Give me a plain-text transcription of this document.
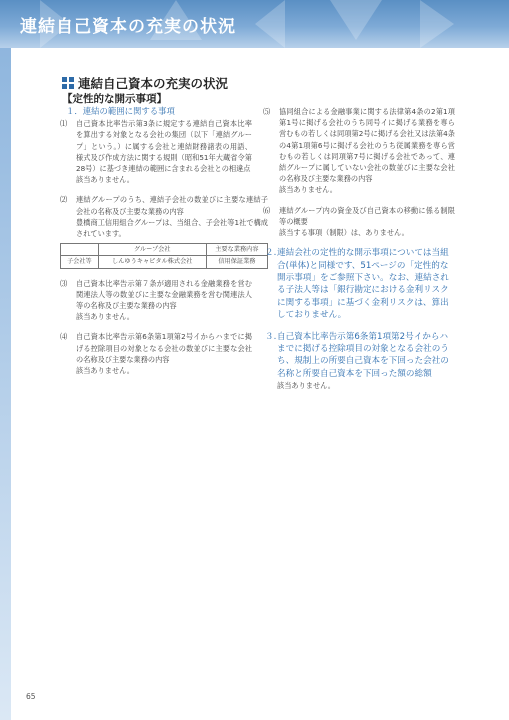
連結自己資本の充実の状況
連結自己資本の充実の状況
【定性的な開示事項】
１．連結の範囲に関する事項
⑴	自己資本比率告示第3条に規定する連結自己資本比率を算出する対象となる会社の集団（以下「連結グループ」という。）に属する会社と連結財務諸表の用語、様式及び作成方法に関する規則（昭和51年大蔵省令第28号）に基づき連結の範囲に含まれる会社との相違点

該当ありません。

⑵	連結グループのうち、連結子会社の数並びに主要な連結子会社の名称及び主要な業務の内容

豊橋商工信用組合グループは、当組合、子会社等1社で構成されています。

	グループ会社	主要な業務内容
子会社等	しんゆうキャピタル株式会社	信用保証業務
⑶	自己資本比率告示第７条が適用される金融業務を営む関連法人等の数並びに主要な金融業務を営む関連法人等の名称及び主要な業務の内容

該当ありません。

⑷	自己資本比率告示第6条第1項第2号イからハまでに掲げる控除項目の対象となる会社の数並びに主要な会社の名称及び主要な業務の内容

該当ありません。

⑸	協同組合による金融事業に関する法律第4条の2第1項第1号に掲げる会社のうち同号イに掲げる業務を専ら営むもの若しくは同項第2号に掲げる会社又は法第4条の4第1項第6号に掲げる会社のうち従属業務を専ら営むもの若しくは同項第7号に掲げる会社であって、連結グループに属していない会社の数並びに主要な会社の名称及び主要な業務の内容

該当ありません。

⑹	連結グループ内の資金及び自己資本の移動に係る制限等の概要

該当する事項（制限）は、ありません。

２. 連結会社の定性的な開示事項については当組合(単体)と同様です、51ページの「定性的な開示事項」をご参照下さい。なお、連結される子法人等は「銀行勘定における金利リスクに関する事項」に基づく金利リスクは、算出しておりません。
３. 自己資本比率告示第6条第1項第2号イからハまでに掲げる控除項目の対象となる会社のうち、規制上の所要自己資本を下回った会社の名称と所要自己資本を下回った額の総額
該当ありません。
65
